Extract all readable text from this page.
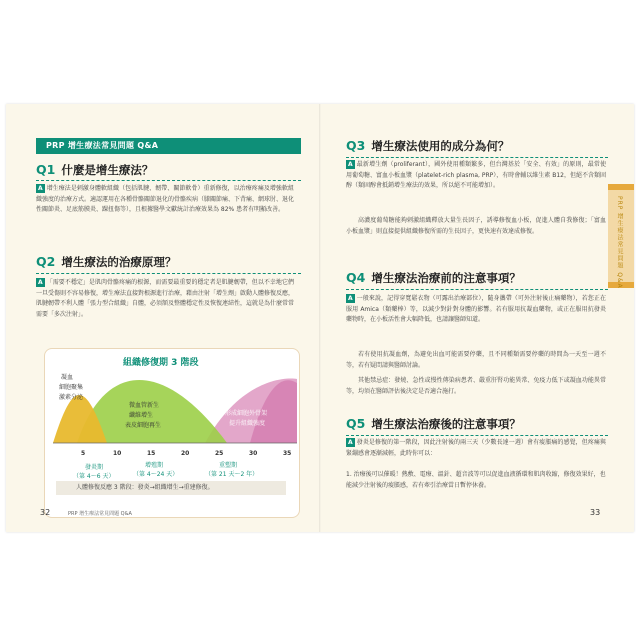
PRP 增生療法常見問題 Q&A
Q1 什麼是增生療法？
A 增生療法是刺激身體軟組織（包括肌腱、韌帶、關節軟骨）重新修復，以治療疼痛及增強軟組織強度的治療方式。適認運用在各種骨骼關節退化的骨骼疾病（膝關節痛、下背痛、網球肘、退化性關節炎、足底筋膜炎、踝扭傷等），且根據醫學文獻統計治療效果為 82% 患者有明顯改善。
Q2 增生療法的治療原理？
A 「需要不穩定」是肌肉骨骼疼痛的根源，而需要最重要的穩定者是肌腱韌帶，但以不幸地它們一旦受傷則不容易修復，增生療法直接對根源進行治療，藉由注射「增生劑」啟動人體修復反應，肌腱韌帶不利人體「張力型合組織」自體，必須額及整體穩定性及恢復連結性，這就是為什麼常常需要「多次注射」。
組織修復期 3 階段
凝血
細胞聚集
激素分泌
微血管新生
纖維增生
表皮細胞再生
形成細胞外骨架
提升組織強度
5	10	15	20	25	30	35
發炎期
（第 4～6 天）
增殖期
（第 4～24 天）
重塑期
（第 21 天～2 年）
人體修復反應 3 階段：發炎→組織增生→重建修復。
32	PRP 增生療法常見問題 Q&A
Q3 增生療法使用的成分為何？
A 最新增生劑（proliferant），國外使用種類繁多，但台灣基於「安全、有效」的原則，最常使用葡萄糖、富血小板血漿（platelet-rich plasma, PRP），有時會輔以維生素 B12，但絕不含類固醇（類固醇會抵銷增生療法的效果，所以絕不可能增加）。
高濃度葡萄糖能夠刺激組織釋放大量生長因子，誘導修復血小板，促進人體自我修復；「富血小板血漿」則直接提供組織修復所需的生長因子，更快速有效達成修復。
Q4 增生療法治療前的注意事項？
A 一般來說，記得穿寬鬆衣物（可露出治療部位），隨身攜帶（可外注射後止痛藥物），若您正在服用 Amica（類藥棒）等，以減少對針對身體的影響。若有服用抗凝血藥物，或正在服用抗發炎藥物時，在小板活性會大幅降低，也請讓醫師知道。
若有使用抗凝血劑，為避免出血可能需要停藥，且不同種類需要停藥的時間為一天至一週不等，若有疑問請與醫師討論。
其他禁忌症：發燒、急性或慢性傳染病患者、嚴重肝腎功能異常、免疫力低下或凝血功能異常等，均須在醫師評估後決定是否適合施打。
Q5 增生療法治療後的注意事項？
A 發炎是修復的第一階段，因此注射後的兩三天（少數長達一週）會有痠脹痛的感覺，但疼痛與緊繃感會逐漸減輕，此時你可以：
1. 治療後可以催暖！熱敷、電療、溫針、超音波等可以促進血液循環和肌肉收縮，修復效果好，也能減少注射後的痠脹感，若有牽引治療當日暫停休養。
33
PRP 增生療法常見問題 Q&A
